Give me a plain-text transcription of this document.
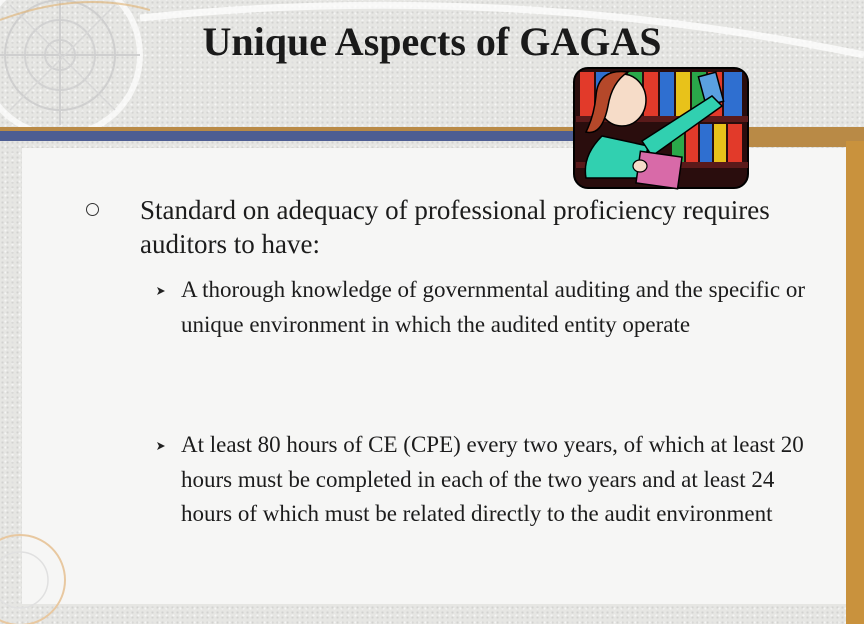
Unique Aspects of GAGAS
Standard on adequacy of professional proficiency requires auditors to have:
A thorough knowledge of governmental auditing and the specific or unique environment in which the audited entity operate
At least 80 hours of CE (CPE) every two years, of which at least 20 hours must be completed in each of the two years and at least 24 hours of which must be related directly to the audit environment
